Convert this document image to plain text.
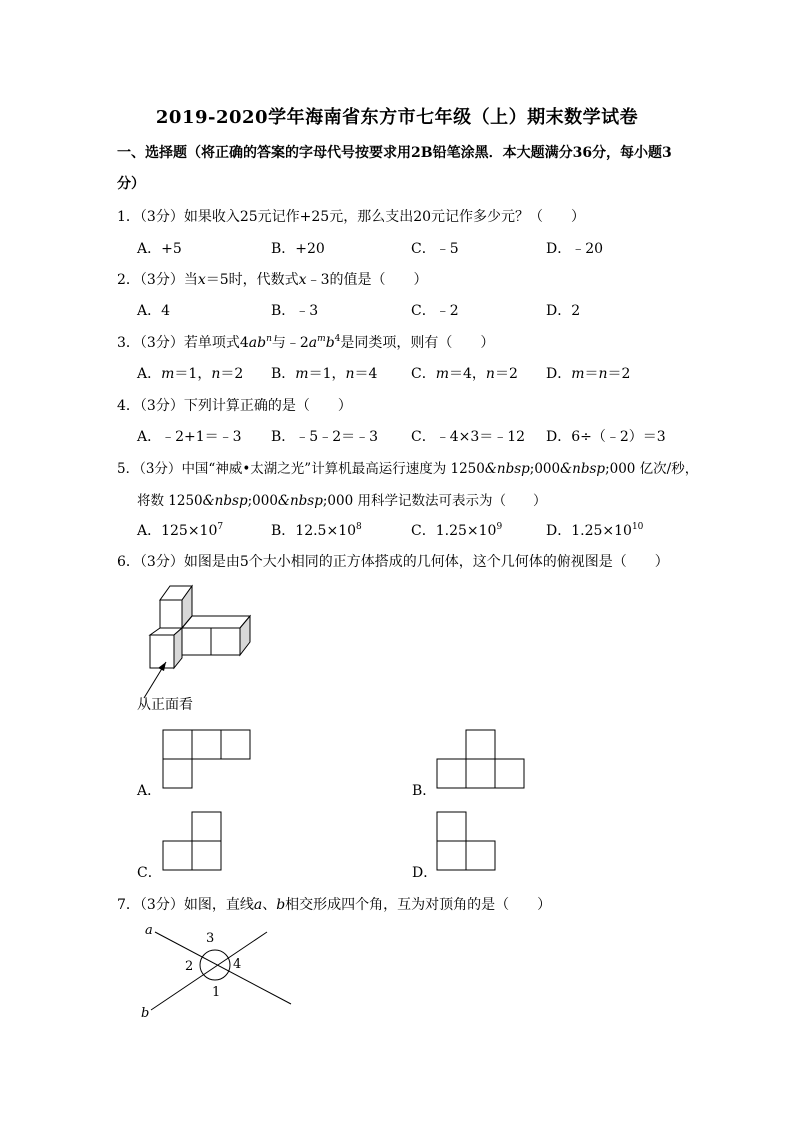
2019-2020学年海南省东方市七年级（上）期末数学试卷
一、选择题（将正确的答案的字母代号按要求用2B铅笔涂黑．本大题满分36分，每小题3
分）
1．（3分）如果收入25元记作+25元，那么支出20元记作多少元？（　　）
A．+5	B．+20	C．﹣5	D．﹣20
2．（3分）当x＝5时，代数式x﹣3的值是（　　）
A．4	B．﹣3	C．﹣2	D．2
3．（3分）若单项式$4ab^n$与$﹣2a^mb^4$是同类项，则有（　　）
A．m＝1，n＝2 B．m＝1，n＝4 C．m＝4，n＝2 D．m＝n＝2
4．（3分）下列计算正确的是（　　）
A．﹣2+1＝﹣3 B．﹣5﹣2＝﹣3 C．﹣4×3＝﹣12 D．6÷（﹣2）＝3
5．（3分）中国“神威•太湖之光”计算机最高运行速度为 1250&nbsp;000&nbsp;000 亿次/秒，
将数 1250&nbsp;000&nbsp;000 用科学记数法可表示为（　　）
A．$125\times 10^7$	B．$12.5\times 10^8$	C．$1.25\times 10^9$	D．$1.25\times 10^{10}$
6．（3分）如图是由5个大小相同的正方体搭成的几何体，这个几何体的俯视图是（　　）
从正面看
A．	B．
C．	D．
7．（3分）如图，直线a、b相交形成四个角，互为对顶角的是（　　）
a
b
3
2	4
1
